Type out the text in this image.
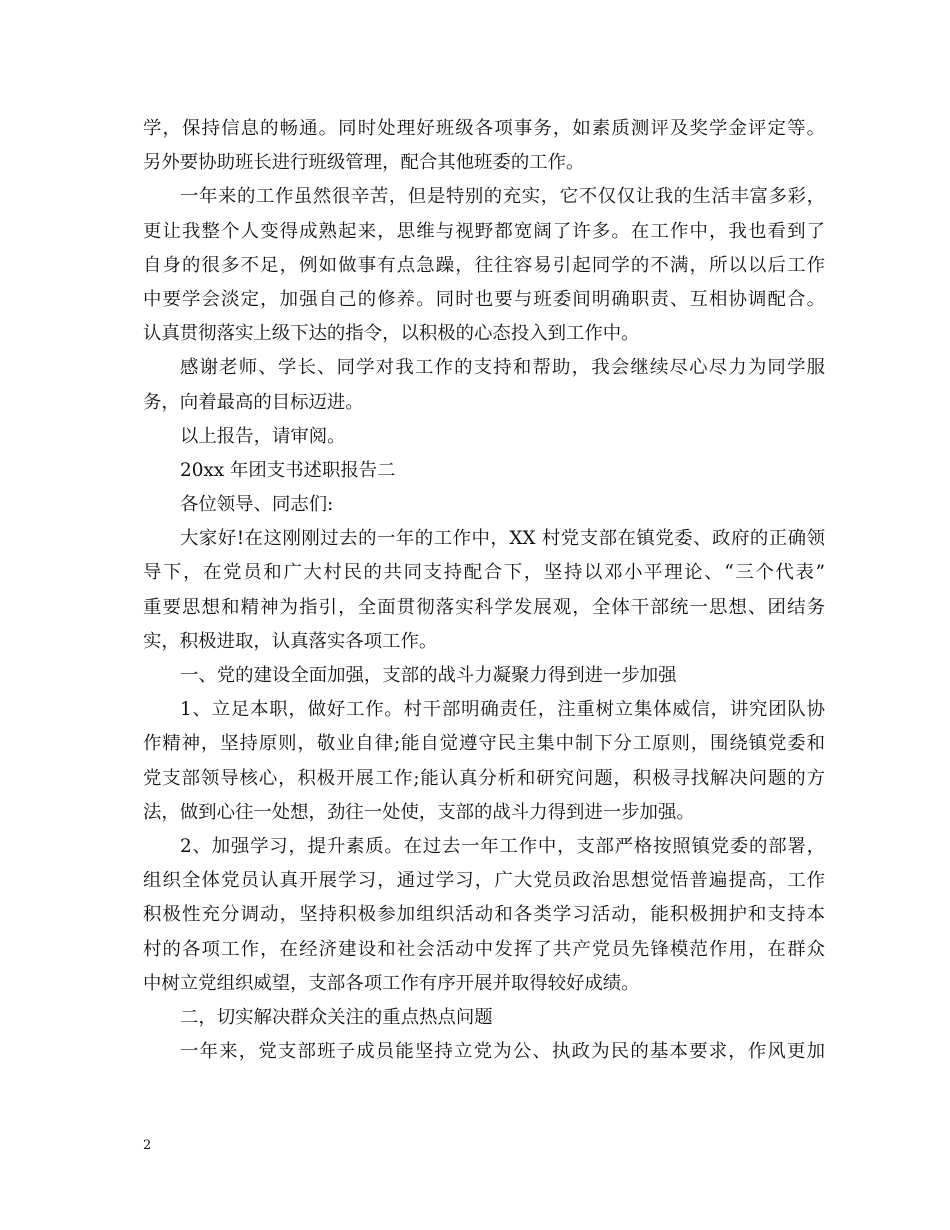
学，保持信息的畅通。同时处理好班级各项事务，如素质测评及奖学金评定等。
另外要协助班长进行班级管理，配合其他班委的工作。
一年来的工作虽然很辛苦，但是特别的充实，它不仅仅让我的生活丰富多彩，
更让我整个人变得成熟起来，思维与视野都宽阔了许多。在工作中，我也看到了
自身的很多不足，例如做事有点急躁，往往容易引起同学的不满，所以以后工作
中要学会淡定，加强自己的修养。同时也要与班委间明确职责、互相协调配合。
认真贯彻落实上级下达的指令，以积极的心态投入到工作中。
感谢老师、学长、同学对我工作的支持和帮助，我会继续尽心尽力为同学服
务，向着最高的目标迈进。
以上报告，请审阅。
20xx 年团支书述职报告二
各位领导、同志们:
大家好!在这刚刚过去的一年的工作中，XX 村党支部在镇党委、政府的正确领
导下，在党员和广大村民的共同支持配合下，坚持以邓小平理论、“三个代表”
重要思想和精神为指引，全面贯彻落实科学发展观，全体干部统一思想、团结务
实，积极进取，认真落实各项工作。
一、党的建设全面加强，支部的战斗力凝聚力得到进一步加强
1、立足本职，做好工作。村干部明确责任，注重树立集体威信，讲究团队协
作精神，坚持原则，敬业自律;能自觉遵守民主集中制下分工原则，围绕镇党委和
党支部领导核心，积极开展工作;能认真分析和研究问题，积极寻找解决问题的方
法，做到心往一处想，劲往一处使，支部的战斗力得到进一步加强。
2、加强学习，提升素质。在过去一年工作中，支部严格按照镇党委的部署，
组织全体党员认真开展学习，通过学习，广大党员政治思想觉悟普遍提高，工作
积极性充分调动，坚持积极参加组织活动和各类学习活动，能积极拥护和支持本
村的各项工作，在经济建设和社会活动中发挥了共产党员先锋模范作用，在群众
中树立党组织威望，支部各项工作有序开展并取得较好成绩。
二，切实解决群众关注的重点热点问题
一年来，党支部班子成员能坚持立党为公、执政为民的基本要求，作风更加
2
